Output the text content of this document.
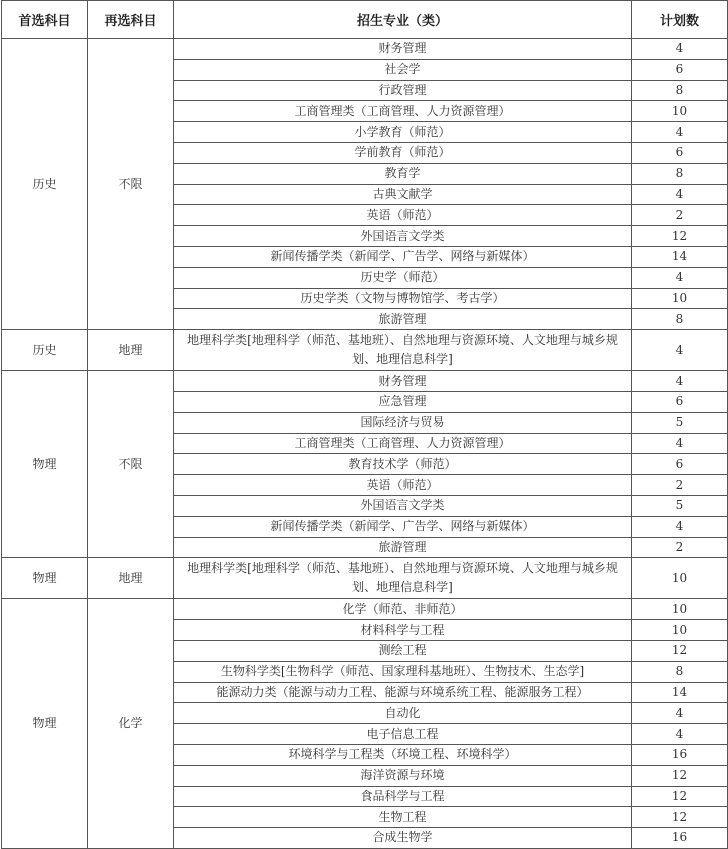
首选科目	再选科目	招生专业（类）	计划数
历史	不限	财务管理	4
		社会学	6
		行政管理	8
		工商管理类（工商管理、人力资源管理）	10
		小学教育（师范）	4
		学前教育（师范）	6
		教育学	8
		古典文献学	4
		英语（师范）	2
		外国语言文学类	12
		新闻传播学类（新闻学、广告学、网络与新媒体）	14
		历史学（师范）	4
		历史学类（文物与博物馆学、考古学）	10
		旅游管理	8
历史	地理	地理科学类[地理科学（师范、基地班）、自然地理与资源环境、人文地理与城乡规划、地理信息科学]	4
物理	不限	财务管理	4
		应急管理	6
		国际经济与贸易	5
		工商管理类（工商管理、人力资源管理）	4
		教育技术学（师范）	6
		英语（师范）	2
		外国语言文学类	5
		新闻传播学类（新闻学、广告学、网络与新媒体）	4
		旅游管理	2
物理	地理	地理科学类[地理科学（师范、基地班）、自然地理与资源环境、人文地理与城乡规划、地理信息科学]	10
物理	化学	化学（师范、非师范）	10
		材料科学与工程	10
		测绘工程	12
		生物科学类[生物科学（师范、国家理科基地班）、生物技术、生态学]	8
		能源动力类（能源与动力工程、能源与环境系统工程、能源服务工程）	14
		自动化	4
		电子信息工程	4
		环境科学与工程类（环境工程、环境科学）	16
		海洋资源与环境	12
		食品科学与工程	12
		生物工程	12
		合成生物学	16
